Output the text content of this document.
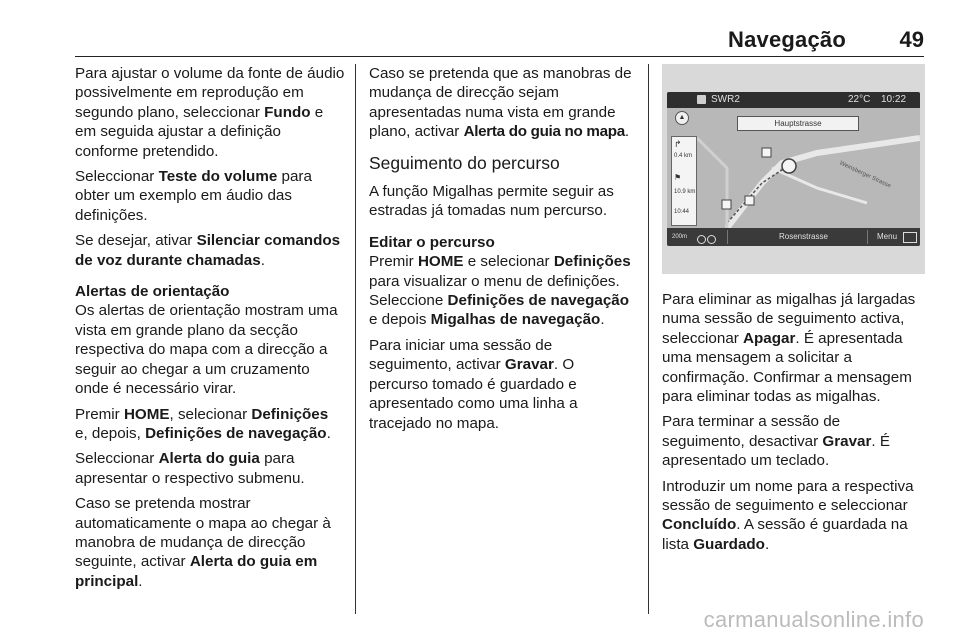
Navegação 49

Para ajustar o volume da fonte de áudio possivelmente em reprodução em segundo plano, seleccionar Fundo e em seguida ajustar a definição conforme pretendido.

Seleccionar Teste do volume para obter um exemplo em áudio das definições.

Se desejar, ativar Silenciar comandos de voz durante chamadas.

Alertas de orientação

Os alertas de orientação mostram uma vista em grande plano da secção respectiva do mapa com a direcção a seguir ao chegar a um cruzamento onde é necessário virar.

Premir HOME, selecionar Definições e, depois, Definições de navegação.

Seleccionar Alerta do guia para apresentar o respectivo submenu.

Caso se pretenda mostrar automaticamente o mapa ao chegar à manobra de mudança de direcção seguinte, activar Alerta do guia em principal.

Caso se pretenda que as manobras de mudança de direcção sejam apresentadas numa vista em grande plano, activar Alerta do guia no mapa.

Seguimento do percurso

A função Migalhas permite seguir as estradas já tomadas num percurso.

Editar o percurso

Premir HOME e selecionar Definições para visualizar o menu de definições. Seleccione Definições de navegação e depois Migalhas de navegação.

Para iniciar uma sessão de seguimento, activar Gravar. O percurso tomado é guardado e apresentado como uma linha a tracejado no mapa.

SWR2	22°C 10:22
Hauptstrasse
▲
↱
0.4 km
⚑
10.9 km
10:44
Weinsberger Strasse
200m	Rosenstrasse	Menu

Para eliminar as migalhas já largadas numa sessão de seguimento activa, seleccionar Apagar. É apresentada uma mensagem a solicitar a confirmação. Confirmar a mensagem para eliminar todas as migalhas.

Para terminar a sessão de seguimento, desactivar Gravar. É apresentado um teclado.

Introduzir um nome para a respectiva sessão de seguimento e seleccionar Concluído. A sessão é guardada na lista Guardado.

carmanualsonline.info
